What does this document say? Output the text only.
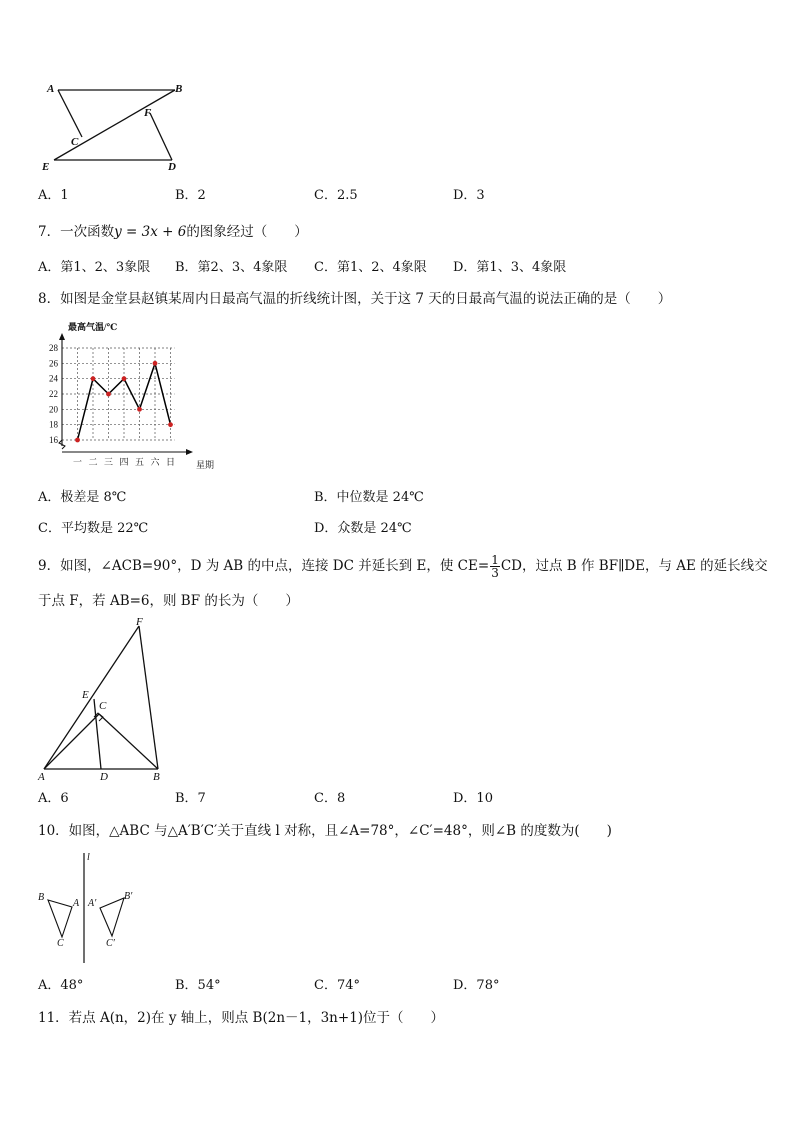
A	B
C
F
E	D
A．1	B．2	C．2.5	D．3
7．一次函数y = 3x + 6的图象经过（　　）
A．第1、2、3象限 B．第2、3、4象限 C．第1、2、4象限 D．第1、3、4象限
8．如图是金堂县赵镇某周内日最高气温的折线统计图，关于这 7 天的日最高气温的说法正确的是（　　）
16
18
20
22
24
26
28
一 二 三 四 五 六 日
最高气温/℃
星期
A．极差是 8℃	B．中位数是 24℃
C．平均数是 22℃	D．众数是 24℃
9．如图，∠ACB=90°，D 为 AB 的中点，连接 DC 并延长到 E，使 $CE= \frac{1}{3}$ CD，过点 B 作 BF∥DE，与 AE 的延长线交
于点 F，若 AB=6，则 BF 的长为（　　）
F
E
C
A	D	B
A．6	B．7	C．8	D．10
10．如图，△ABC 与△A′B′C′关于直线 l 对称，且∠A=78°，∠C′=48°，则∠B 的度数为(　　)
l
B
A
C
A′
B′
C′
A．48°	B．54°	C．74°	D．78°
11．若点 A(n，2)在 y 轴上，则点 B(2n－1，3n+1)位于（　　）
